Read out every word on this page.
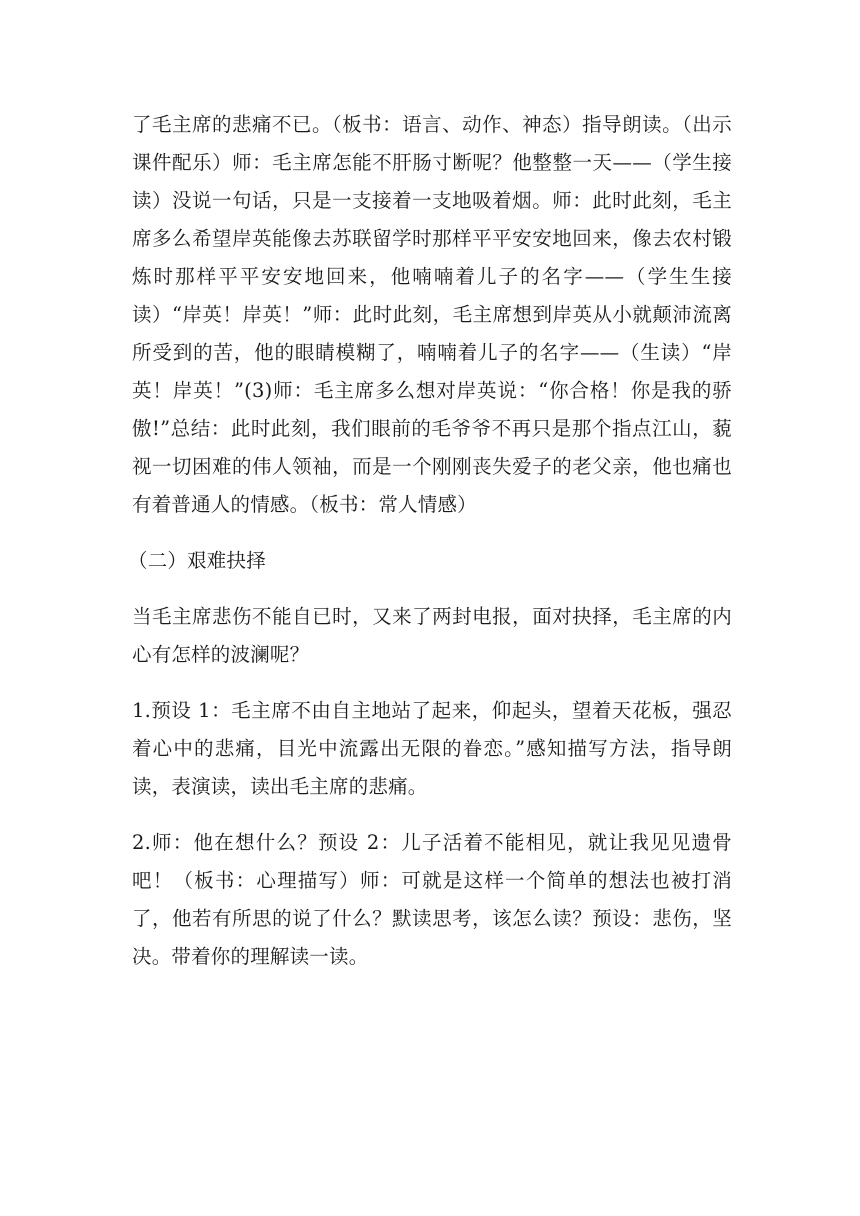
了毛主席的悲痛不已。（板书：语言、动作、神态）指导朗读。（出示课件配乐）师：毛主席怎能不肝肠寸断呢？他整整一天——（学生接读）没说一句话，只是一支接着一支地吸着烟。师：此时此刻，毛主席多么希望岸英能像去苏联留学时那样平平安安地回来，像去农村锻炼时那样平平安安地回来，他喃喃着儿子的名字——（学生生接读）“岸英！岸英！”师：此时此刻，毛主席想到岸英从小就颠沛流离所受到的苦，他的眼睛模糊了，喃喃着儿子的名字——（生读）“岸英！岸英！”(3)师：毛主席多么想对岸英说：“你合格！你是我的骄傲!”总结：此时此刻，我们眼前的毛爷爷不再只是那个指点江山，藐视一切困难的伟人领袖，而是一个刚刚丧失爱子的老父亲，他也痛也有着普通人的情感。（板书：常人情感）

（二）艰难抉择

当毛主席悲伤不能自已时，又来了两封电报，面对抉择，毛主席的内心有怎样的波澜呢？

1.预设 1：毛主席不由自主地站了起来，仰起头，望着天花板，强忍着心中的悲痛，目光中流露出无限的眷恋。”感知描写方法，指导朗读，表演读，读出毛主席的悲痛。

2.师：他在想什么？预设 2：儿子活着不能相见，就让我见见遗骨吧！（板书：心理描写）师：可就是这样一个简单的想法也被打消了，他若有所思的说了什么？默读思考，该怎么读？预设：悲伤，坚决。带着你的理解读一读。
